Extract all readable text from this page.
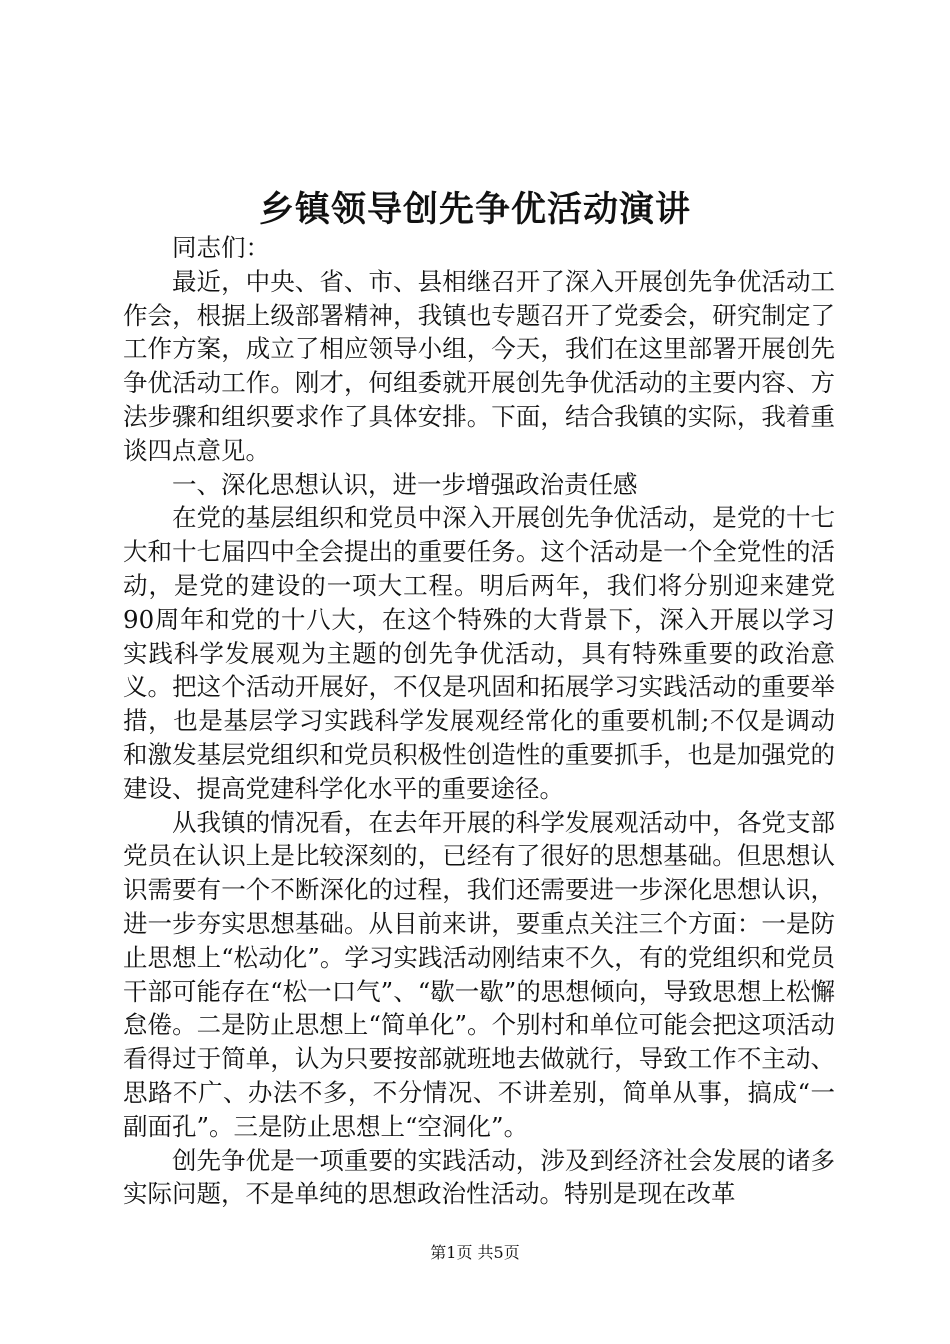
乡镇领导创先争优活动演讲

同志们：

最近，中央、省、市、县相继召开了深入开展创先争优活动工作会，根据上级部署精神，我镇也专题召开了党委会，研究制定了工作方案，成立了相应领导小组，今天，我们在这里部署开展创先争优活动工作。刚才，何组委就开展创先争优活动的主要内容、方法步骤和组织要求作了具体安排。下面，结合我镇的实际，我着重谈四点意见。

一、深化思想认识，进一步增强政治责任感

在党的基层组织和党员中深入开展创先争优活动，是党的十七大和十七届四中全会提出的重要任务。这个活动是一个全党性的活动，是党的建设的一项大工程。明后两年，我们将分别迎来建党90周年和党的十八大，在这个特殊的大背景下，深入开展以学习实践科学发展观为主题的创先争优活动，具有特殊重要的政治意义。把这个活动开展好，不仅是巩固和拓展学习实践活动的重要举措，也是基层学习实践科学发展观经常化的重要机制;不仅是调动和激发基层党组织和党员积极性创造性的重要抓手，也是加强党的建设、提高党建科学化水平的重要途径。

从我镇的情况看，在去年开展的科学发展观活动中，各党支部党员在认识上是比较深刻的，已经有了很好的思想基础。但思想认识需要有一个不断深化的过程，我们还需要进一步深化思想认识，进一步夯实思想基础。从目前来讲，要重点关注三个方面：一是防止思想上“松动化”。学习实践活动刚结束不久，有的党组织和党员干部可能存在“松一口气”、“歇一歇”的思想倾向，导致思想上松懈怠倦。二是防止思想上“简单化”。个别村和单位可能会把这项活动看得过于简单，认为只要按部就班地去做就行，导致工作不主动、思路不广、办法不多，不分情况、不讲差别，简单从事，搞成“一副面孔”。三是防止思想上“空洞化”。

创先争优是一项重要的实践活动，涉及到经济社会发展的诸多实际问题，不是单纯的思想政治性活动。特别是现在改革

第1页 共5页
